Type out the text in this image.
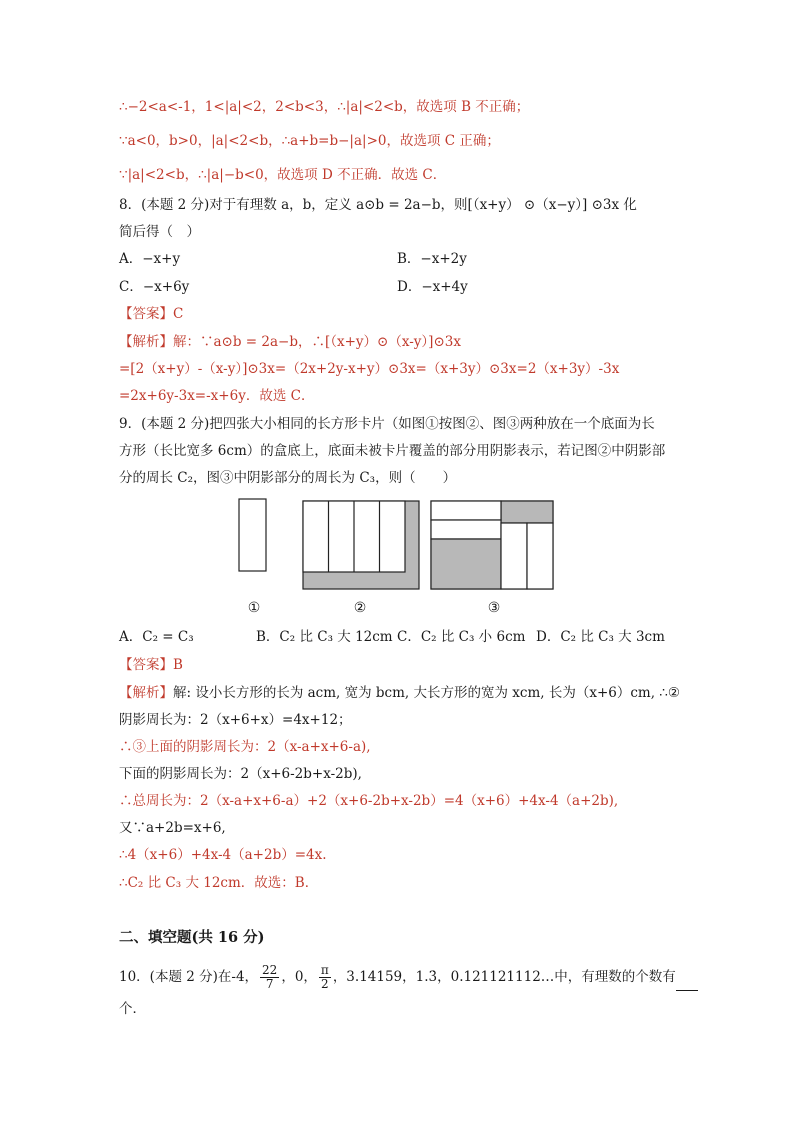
∴−2<a<-1，1<|a|<2，2<b<3，∴|a|<2<b，故选项 B 不正确；
∵a<0，b>0，|a|<2<b，∴a+b=b−|a|>0，故选项 C 正确；
∵|a|<2<b，∴|a|−b<0，故选项 D 不正确．故选 C．
8．(本题 2 分)对于有理数 a，b，定义 a⊙b = 2a−b，则[（x+y） ⊙（x−y）] ⊙3x 化
简后得（　）
A．−x+y	B．−x+2y
C．−x+6y	D．−x+4y
【答案】C
【解析】解：∵a⊙b = 2a−b，∴[（x+y）⊙（x-y）]⊙3x
=[2（x+y）-（x-y）]⊙3x=（2x+2y-x+y）⊙3x=（x+3y）⊙3x=2（x+3y）-3x
=2x+6y-3x=-x+6y．故选 C．
9．(本题 2 分)把四张大小相同的长方形卡片（如图①按图②、图③两种放在一个底面为长
方形（长比宽多 6cm）的盒底上，底面未被卡片覆盖的部分用阴影表示，若记图②中阴影部
分的周长 C₂，图③中阴影部分的周长为 C₃，则（　　）
①	②	③
A．C₂ = C₃	B．C₂ 比 C₃ 大 12cm C．C₂ 比 C₃ 小 6cm D．C₂ 比 C₃ 大 3cm
【答案】B
【解析】解: 设小长方形的长为 acm, 宽为 bcm, 大长方形的宽为 xcm, 长为（x+6）cm, ∴②
阴影周长为：2（x+6+x）=4x+12；
∴③上面的阴影周长为：2（x-a+x+6-a),
下面的阴影周长为：2（x+6-2b+x-2b),
∴总周长为：2（x-a+x+6-a）+2（x+6-2b+x-2b）=4（x+6）+4x-4（a+2b),
又∵a+2b=x+6,
∴4（x+6）+4x-4（a+2b）=4x.
∴C₂ 比 C₃ 大 12cm．故选：B．
二、填空题(共 16 分)
10．(本题 2 分)在-4， $\frac{22}{7}$ ，0， $\frac{\pi}{2}$ ，3.14159，1.3̇，0.121121112…中，有理数的个数有
个．
